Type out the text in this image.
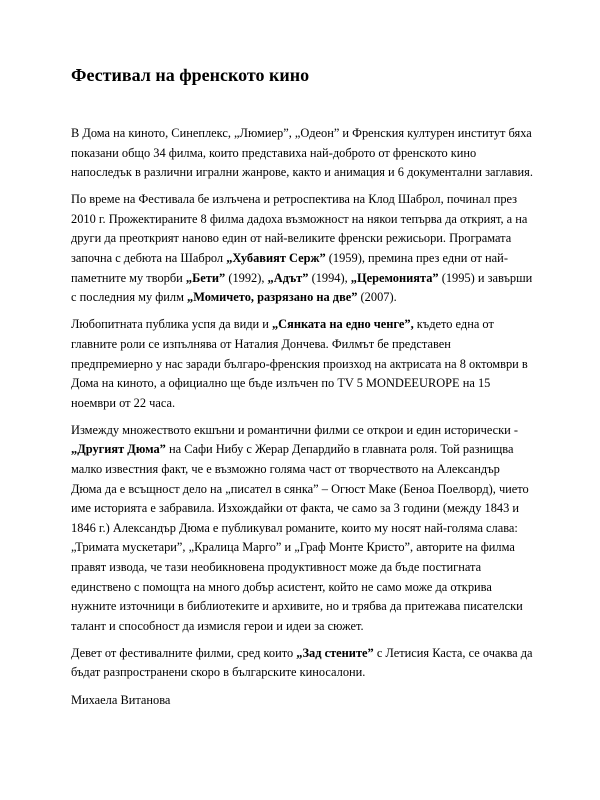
Фестивал на френското кино

В Дома на киното, Синеплекс, „Люмиер”, „Одеон” и Френския културен институт бяха показани общо 34 филма, които представиха най-доброто от френското кино напоследък в различни игрални жанрове, както и анимация и 6 документални заглавия.

По време на Фестивала бе излъчена и ретроспектива на Клод Шаброл, починал през 2010 г. Прожектираните 8 филма дадоха възможност на някои тепърва да открият, а на други да преоткрият наново един от най-великите френски режисьори. Програмата започна с дебюта на Шаброл „Хубавият Серж” (1959), премина през едни от най-паметните му творби „Бети” (1992), „Адът” (1994), „Церемонията” (1995) и завърши с последния му филм „Момичето, разрязано на две” (2007).

Любопитната публика успя да види и „Сянката на едно ченге”, където една от главните роли се изпълнява от Наталия Дончева. Филмът бе представен предпремиерно у нас заради българо-френския произход на актрисата на 8 октомври в Дома на киното, а официално ще бъде излъчен по TV 5 MONDEEUROPE на 15 ноември от 22 часа.

Измежду множеството екшъни и романтични филми се открои и един исторически - „Другият Дюма” на Сафи Нибу с Жерар Депардийо в главната роля. Той разнищва малко известния факт, че е възможно голяма част от творчеството на Александър Дюма да е всъщност дело на „писател в сянка” – Огюст Маке (Беноа Поелворд), чието име историята е забравила. Изхождайки от факта, че само за 3 години (между 1843 и 1846 г.) Александър Дюма е публикувал романите, които му носят най-голяма слава: „Тримата мускетари”, „Кралица Марго” и „Граф Монте Кристо”, авторите на филма правят извода, че тази необикновена продуктивност може да бъде постигната единствено с помощта на много добър асистент, който не само може да открива нужните източници в библиотеките и архивите, но и трябва да притежава писателски талант и способност да измисля герои и идеи за сюжет.

Девет от фестивалните филми, сред които „Зад стените” с Летисия Каста, се очаква да бъдат разпространени скоро в българските киносалони.

Михаела Витанова
